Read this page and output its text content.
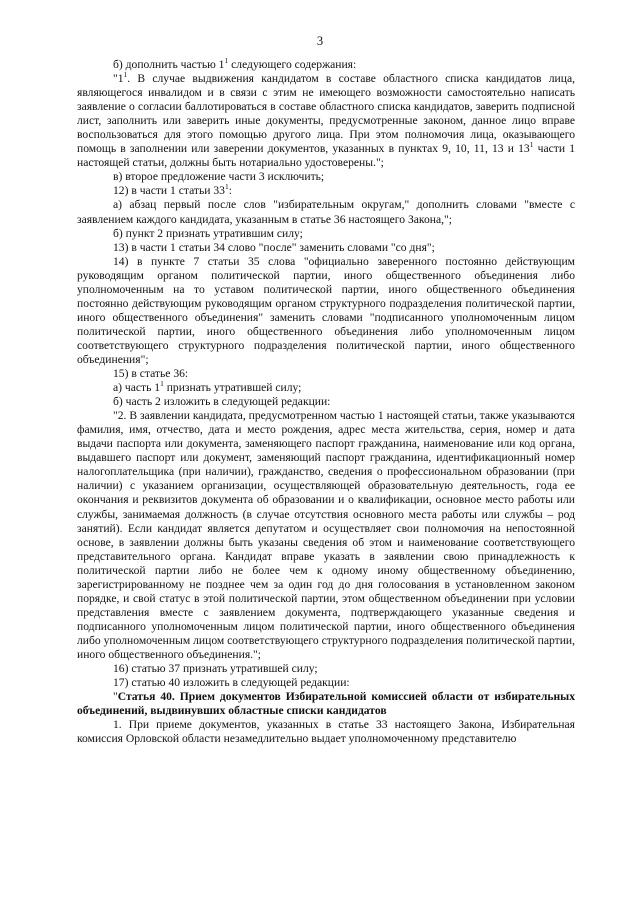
3

б) дополнить частью $1^1$ следующего содержания:

"$1^1$. В случае выдвижения кандидатом в составе областного списка кандидатов лица, являющегося инвалидом и в связи с этим не имеющего возможности самостоятельно написать заявление о согласии баллотироваться в составе областного списка кандидатов, заверить подписной лист, заполнить или заверить иные документы, предусмотренные законом, данное лицо вправе воспользоваться для этого помощью другого лица. При этом полномочия лица, оказывающего помощь в заполнении или заверении документов, указанных в пунктах 9, 10, 11, 13 и $13^1$ части 1 настоящей статьи, должны быть нотариально удостоверены.";

в) второе предложение части 3 исключить;

12) в части 1 статьи $33^1$:

а) абзац первый после слов "избирательным округам," дополнить словами "вместе с заявлением каждого кандидата, указанным в статье 36 настоящего Закона,";

б) пункт 2 признать утратившим силу;

13) в части 1 статьи 34 слово "после" заменить словами "со дня";

14) в пункте 7 статьи 35 слова "официально заверенного постоянно действующим руководящим органом политической партии, иного общественного объединения либо уполномоченным на то уставом политической партии, иного общественного объединения постоянно действующим руководящим органом структурного подразделения политической партии, иного общественного объединения" заменить словами "подписанного уполномоченным лицом политической партии, иного общественного объединения либо уполномоченным лицом соответствующего структурного подразделения политической партии, иного общественного объединения";

15) в статье 36:

а) часть $1^1$ признать утратившей силу;

б) часть 2 изложить в следующей редакции:

"2. В заявлении кандидата, предусмотренном частью 1 настоящей статьи, также указываются фамилия, имя, отчество, дата и место рождения, адрес места жительства, серия, номер и дата выдачи паспорта или документа, заменяющего паспорт гражданина, наименование или код органа, выдавшего паспорт или документ, заменяющий паспорт гражданина, идентификационный номер налогоплательщика (при наличии), гражданство, сведения о профессиональном образовании (при наличии) с указанием организации, осуществляющей образовательную деятельность, года ее окончания и реквизитов документа об образовании и о квалификации, основное место работы или службы, занимаемая должность (в случае отсутствия основного места работы или службы – род занятий). Если кандидат является депутатом и осуществляет свои полномочия на непостоянной основе, в заявлении должны быть указаны сведения об этом и наименование соответствующего представительного органа. Кандидат вправе указать в заявлении свою принадлежность к политической партии либо не более чем к одному иному общественному объединению, зарегистрированному не позднее чем за один год до дня голосования в установленном законом порядке, и свой статус в этой политической партии, этом общественном объединении при условии представления вместе с заявлением документа, подтверждающего указанные сведения и подписанного уполномоченным лицом политической партии, иного общественного объединения либо уполномоченным лицом соответствующего структурного подразделения политической партии, иного общественного объединения.";

16) статью 37 признать утратившей силу;

17) статью 40 изложить в следующей редакции:

"Статья 40. Прием документов Избирательной комиссией области от избирательных объединений, выдвинувших областные списки кандидатов

1. При приеме документов, указанных в статье 33 настоящего Закона, Избирательная комиссия Орловской области незамедлительно выдает уполномоченному представителю
